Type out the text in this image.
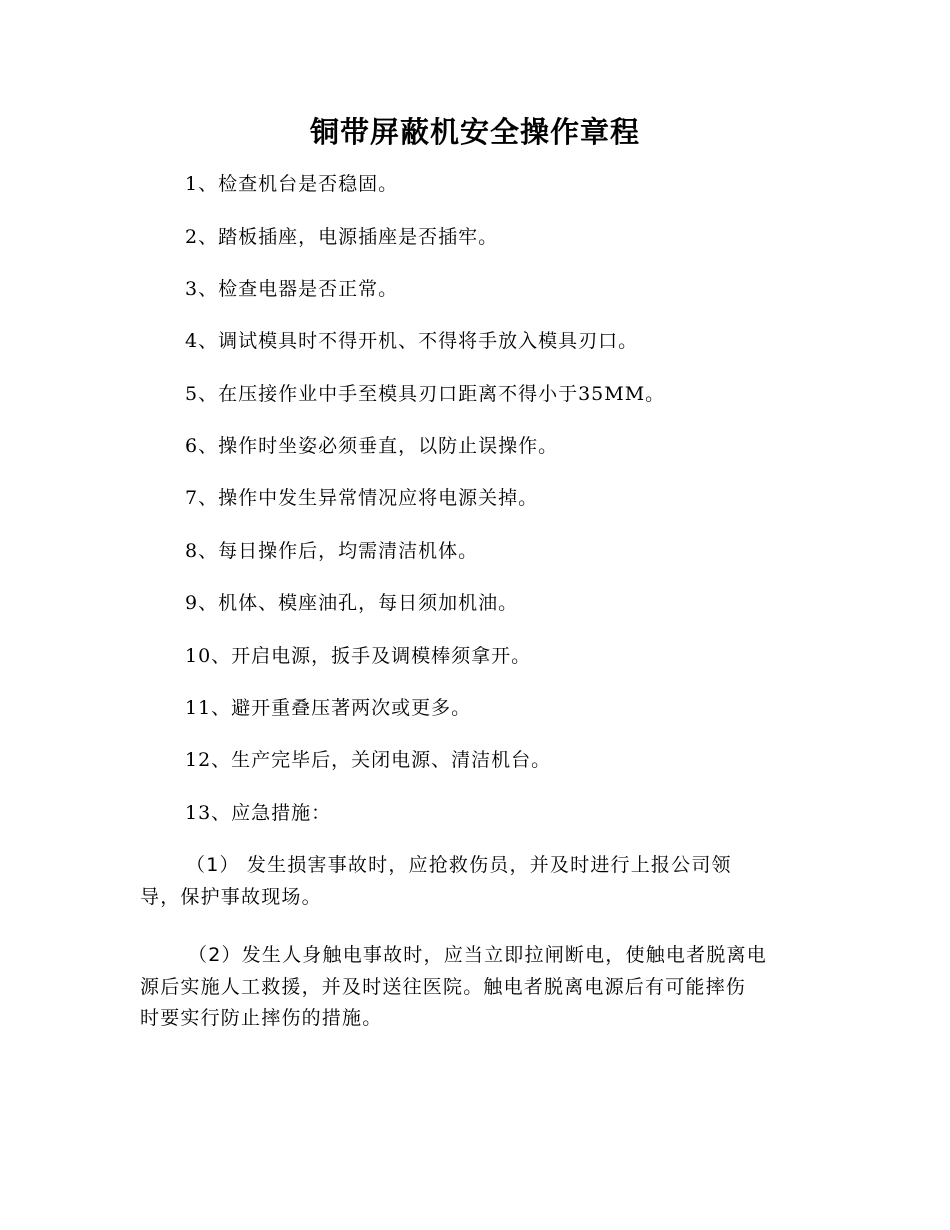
铜带屏蔽机安全操作章程
1、检查机台是否稳固。
2、踏板插座，电源插座是否插牢。
3、检查电器是否正常。
4、调试模具时不得开机、不得将手放入模具刃口。
5、在压接作业中手至模具刃口距离不得小于35MM。
6、操作时坐姿必须垂直，以防止误操作。
7、操作中发生异常情况应将电源关掉。
8、每日操作后，均需清洁机体。
9、机体、模座油孔，每日须加机油。
10、开启电源，扳手及调模棒须拿开。
11、避开重叠压著两次或更多。
12、生产完毕后，关闭电源、清洁机台。
13、应急措施：
（1） 发生损害事故时，应抢救伤员，并及时进行上报公司领
导，保护事故现场。
（2）发生人身触电事故时，应当立即拉闸断电，使触电者脱离电
源后实施人工救援，并及时送往医院。触电者脱离电源后有可能摔伤
时要实行防止摔伤的措施。
